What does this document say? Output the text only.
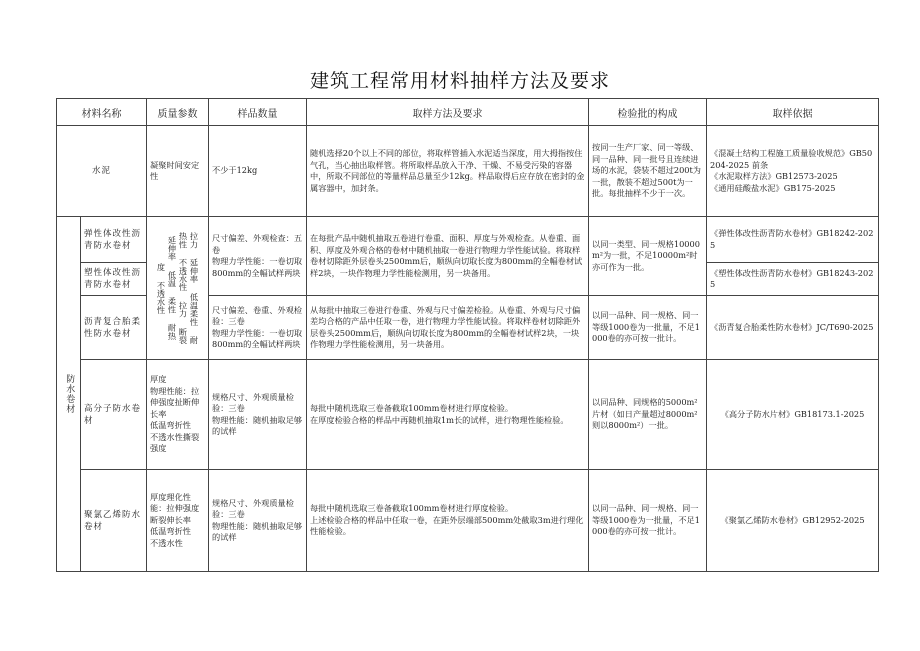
建筑工程常用材料抽样方法及要求
材料名称		质量参数	样品数量	取样方法及要求	检验批的构成	取样依据
水泥		凝聚时间安定性	不少于12kg	随机选择20个以上不同的部位，将取样管插入水泥适当深度，用大拇指按住气孔，当心抽出取样管。将所取样品放入干净、干燥、不易受污染的容器中，所取不同部位的等量样品总量至少12kg。样品取得后应存放在密封的金属容器中，加封条。	按同一生产厂家、同一等级、同一品种、同一批号且连续进场的水泥，袋装不超过200t为一批，散装不超过500t为一批。每批抽样不少于一次。	《混凝土结构工程施工质量验收规范》GB50204-2025 前条
《水泥取样方法》GB12573-2025
《通用硅酸盐水泥》GB175-2025

防水卷材	弹性体改性沥青防水卷材	拉力 延伸率 低温柔性 耐热性 不透水性 拉力 断裂延伸率 低温 柔性 耐热 度 不透水性	尺寸偏差、外观检查：五卷
物理力学性能：一卷切取800mm的全幅试样两块	在每批产品中随机抽取五卷进行卷重、面积、厚度与外观检查。从卷重、面积、厚度及外观合格的卷材中随机抽取一卷进行物理力学性能试验。将取样卷材切除距外层卷头2500mm后，顺纵向切取长度为800mm的全幅卷材试样2块，一块作物理力学性能检测用，另一块备用。	以同一类型、同一规格10000m²为一批，不足10000m²时亦可作为一批。	《弹性体改性沥青防水卷材》GB18242-2025
	塑性体改性沥青防水卷材					《塑性体改性沥青防水卷材》GB18243-2025
	沥青复合胎柔性防水卷材		尺寸偏差、卷重、外观检验：三卷
物理力学性能：一卷切取800mm的全幅试样两块	从每批中抽取三卷进行卷重、外观与尺寸偏差检验。从卷重、外观与尺寸偏差均合格的产品中任取一卷，进行物理力学性能试验。将取样卷材切除距外层卷头2500mm后，顺纵向切取长度为800mm的全幅卷材试样2块，一块作物理力学性能检测用，另一块备用。	以同一品种、同一规格、同一等级1000卷为一批量，不足1000卷的亦可按一批计。	《沥青复合胎柔性防水卷材》JC/T690-2025
	高分子防水卷材	厚度
物理性能：拉伸强度扯断伸长率
低温弯折性
不透水性撕裂强度	规格尺寸、外观质量检验：三卷
物理性能：随机抽取足够的试样	每批中随机选取三卷备截取100mm卷材进行厚度检验。
在厚度检验合格的样品中再随机抽取1m长的试样，进行物理性能检验。	以同品种、同规格的5000m²片材（如日产量超过8000m²则以8000m²）一批。	《高分子防水片材》GB18173.1-2025
	聚氯乙烯防水卷材	厚度理化性能：拉伸强度断裂伸长率
低温弯折性
不透水性	规格尺寸、外观质量检验：三卷
物理性能：随机抽取足够的试样	每批中随机选取三卷备截取100mm卷材进行厚度检验。
上述检验合格的样品中任取一卷，在距外层端部500mm处截取3m进行理化性能检验。	以同一品种、同一规格、同一等级1000卷为一批量，不足1000卷的亦可按一批计。	《聚氯乙烯防水卷材》GB12952-2025
